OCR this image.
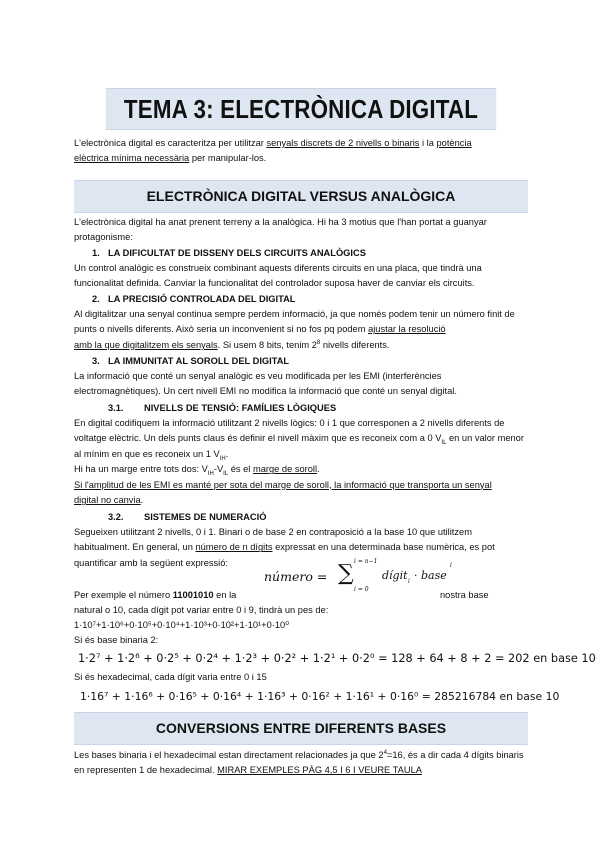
TEMA 3: ELECTRÒNICA DIGITAL
L'electrònica digital es caracteritza per utilitzar senyals discrets de 2 nivells o binaris i la potència
elèctrica mínima necessària per manipular-los.
ELECTRÒNICA DIGITAL VERSUS ANALÒGICA
L'electrònica digital ha anat prenent terreny a la analògica. Hi ha 3 motius que l'han portat a guanyar protagonisme:
1. LA DIFICULTAT DE DISSENY DELS CIRCUITS ANALÒGICS
Un control analògic es construeix combinant aquests diferents circuits en una placa, que tindrà una funcionalitat definida. Canviar la funcionalitat del controlador suposa haver de canviar els circuits.
2. LA PRECISIÓ CONTROLADA DEL DIGITAL
Al digitalitzar una senyal continua sempre perdem informació, ja que només podem tenir un número finit de punts o nivells diferents. Això seria un inconvenient si no fos pq podem ajustar la resolució
amb la que digitalitzem els senyals. Si usem 8 bits, tenim $2^8$ nivells diferents.
3. LA IMMUNITAT AL SOROLL DEL DIGITAL
La informació que conté un senyal analògic es veu modificada per les EMI (interferències electromagnètiques). Un cert nivell EMI no modifica la informació que conté un senyal digital.
3.1. NIVELLS DE TENSIÓ: FAMÍLIES LÒGIQUES
En digital codifiquem la informació utilitzant 2 nivells lògics: 0 i 1 que corresponen a 2 nivells diferents de voltatge elèctric. Un dels punts claus és definir el nivell màxim que es reconeix com a 0 $V_{IL}$ en un valor menor al mínim en que es reconeix un 1 $V_{IH}$.
Hi ha un marge entre tots dos: $V_{IH}-V_{IL}$ és el marge de soroll.
Si l'amplitud de les EMI es manté per sota del marge de soroll, la informació que transporta un senyal
digital no canvia.
3.2. SISTEMES DE NUMERACIÓ
Segueixen utilitzant 2 nivells, 0 i 1. Binari o de base 2 en contraposició a la base 10 que utilitzem habitualment. En general, un número de n dígits expressat en una determinada base numèrica, es pot quantificar amb la següent expressió:
número = ∑ i = n−1
i = 0
dígit i · base
i
Per exemple el número 11001010 en la	nostra base
natural o 10, cada dígit pot variar entre 0 i 9, tindrà un pes de:
1·10⁷+1·10⁶+0·10⁵+0·10⁴+1·10³+0·10²+1·10¹+0·10⁰
Si és base binaria 2:
1·2⁷ + 1·2⁶ + 0·2⁵ + 0·2⁴ + 1·2³ + 0·2² + 1·2¹ + 0·2⁰ = 128 + 64 + 8 + 2 = 202 en base 10
Si és hexadecimal, cada dígit varia entre 0 i 15
1·16⁷ + 1·16⁶ + 0·16⁵ + 0·16⁴ + 1·16³ + 0·16² + 1·16¹ + 0·16⁰ = 285216784 en base 10
CONVERSIONS ENTRE DIFERENTS BASES
Les bases binaria i el hexadecimal estan directament relacionades ja que $2^4=16$, és a dir cada 4 dígits binaris en representen 1 de hexadecimal. MIRAR EXEMPLES PÀG 4,5 I 6 I VEURE TAULA
